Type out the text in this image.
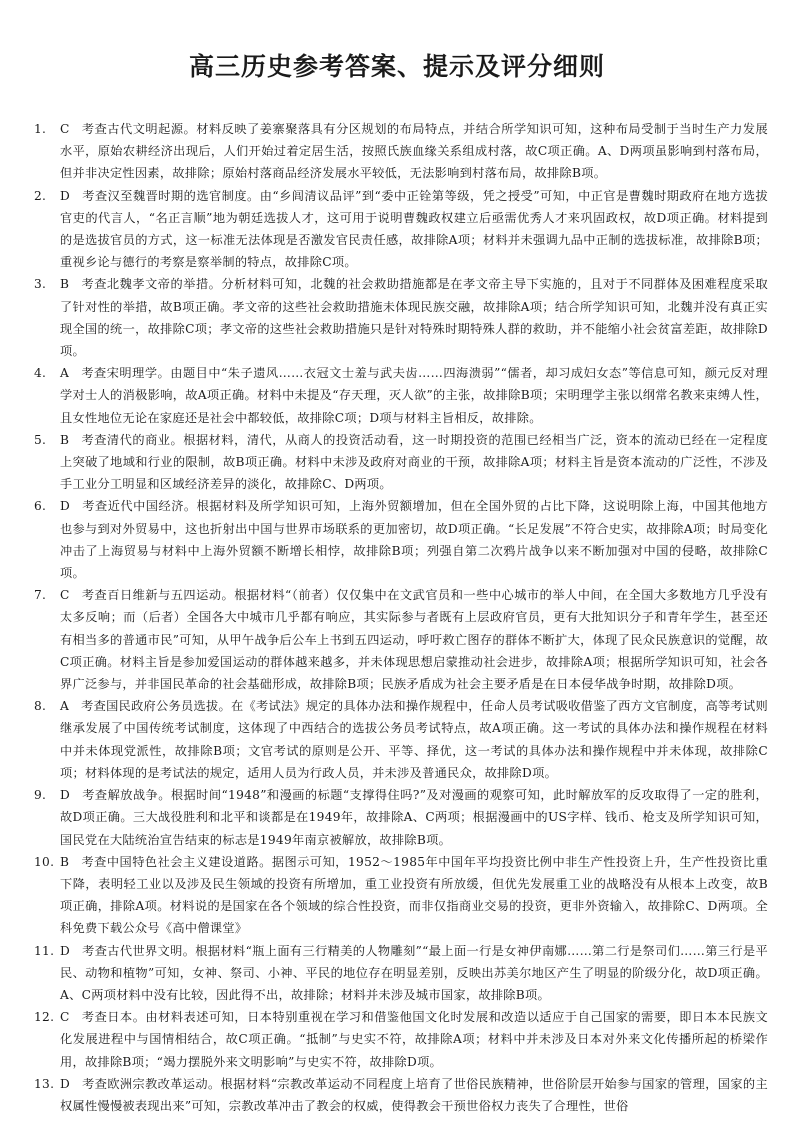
高三历史参考答案、提示及评分细则
1. C 考查古代文明起源。材料反映了姜寨聚落具有分区规划的布局特点，并结合所学知识可知，这种布局受制于当时生产力发展水平，原始农耕经济出现后，人们开始过着定居生活，按照氏族血缘关系组成村落，故C项正确。A、D两项虽影响到村落布局，但并非决定性因素，故排除；原始村落商品经济发展水平较低，无法影响到村落布局，故排除B项。
2. D 考查汉至魏晋时期的选官制度。由“乡闾清议品评”到“委中正铨第等级，凭之授受”可知，中正官是曹魏时期政府在地方选拔官吏的代言人，“名正言顺”地为朝廷选拔人才，这可用于说明曹魏政权建立后亟需优秀人才来巩固政权，故D项正确。材料提到的是选拔官员的方式，这一标准无法体现是否激发官民责任感，故排除A项；材料并未强调九品中正制的选拔标准，故排除B项；重视乡论与德行的考察是察举制的特点，故排除C项。
3. B 考查北魏孝文帝的举措。分析材料可知，北魏的社会救助措施都是在孝文帝主导下实施的，且对于不同群体及困难程度采取了针对性的举措，故B项正确。孝文帝的这些社会救助措施未体现民族交融，故排除A项；结合所学知识可知，北魏并没有真正实现全国的统一，故排除C项；孝文帝的这些社会救助措施只是针对特殊时期特殊人群的救助，并不能缩小社会贫富差距，故排除D项。
4. A 考查宋明理学。由题目中“朱子遗风……衣冠文士羞与武夫齿……四海溃弱”“儒者，却习成妇女态”等信息可知，颜元反对理学对士人的消极影响，故A项正确。材料中未提及“存天理，灭人欲”的主张，故排除B项；宋明理学主张以纲常名教来束缚人性，且女性地位无论在家庭还是社会中都较低，故排除C项；D项与材料主旨相反，故排除。
5. B 考查清代的商业。根据材料，清代，从商人的投资活动看，这一时期投资的范围已经相当广泛，资本的流动已经在一定程度上突破了地域和行业的限制，故B项正确。材料中未涉及政府对商业的干预，故排除A项；材料主旨是资本流动的广泛性，不涉及手工业分工明显和区域经济差异的淡化，故排除C、D两项。
6. D 考查近代中国经济。根据材料及所学知识可知，上海外贸额增加，但在全国外贸的占比下降，这说明除上海，中国其他地方也参与到对外贸易中，这也折射出中国与世界市场联系的更加密切，故D项正确。“长足发展”不符合史实，故排除A项；时局变化冲击了上海贸易与材料中上海外贸额不断增长相悖，故排除B项；列强自第二次鸦片战争以来不断加强对中国的侵略，故排除C项。
7. C 考查百日维新与五四运动。根据材料“（前者）仅仅集中在文武官员和一些中心城市的举人中间，在全国大多数地方几乎没有太多反响；而（后者）全国各大中城市几乎都有响应，其实际参与者既有上层政府官员，更有大批知识分子和青年学生，甚至还有相当多的普通市民”可知，从甲午战争后公车上书到五四运动，呼吁救亡图存的群体不断扩大，体现了民众民族意识的觉醒，故C项正确。材料主旨是参加爱国运动的群体越来越多，并未体现思想启蒙推动社会进步，故排除A项；根据所学知识可知，社会各界广泛参与，并非国民革命的社会基础形成，故排除B项；民族矛盾成为社会主要矛盾是在日本侵华战争时期，故排除D项。
8. A 考查国民政府公务员选拔。在《考试法》规定的具体办法和操作规程中，任命人员考试吸收借鉴了西方文官制度，高等考试则继承发展了中国传统考试制度，这体现了中西结合的选拔公务员考试特点，故A项正确。这一考试的具体办法和操作规程在材料中并未体现党派性，故排除B项；文官考试的原则是公开、平等、择优，这一考试的具体办法和操作规程中并未体现，故排除C项；材料体现的是考试法的规定，适用人员为行政人员，并未涉及普通民众，故排除D项。
9. D 考查解放战争。根据时间“1948”和漫画的标题“支撑得住吗?”及对漫画的观察可知，此时解放军的反攻取得了一定的胜利，故D项正确。三大战役胜利和北平和谈都是在1949年，故排除A、C两项；根据漫画中的US字样、钱币、枪支及所学知识可知，国民党在大陆统治宣告结束的标志是1949年南京被解放，故排除B项。
10. B 考查中国特色社会主义建设道路。据图示可知，1952～1985年中国年平均投资比例中非生产性投资上升，生产性投资比重下降，表明轻工业以及涉及民生领域的投资有所增加，重工业投资有所放缓，但优先发展重工业的战略没有从根本上改变，故B项正确，排除A项。材料说的是国家在各个领域的综合性投资，而非仅指商业交易的投资，更非外资输入，故排除C、D两项。全科免费下载公众号《高中僧课堂》
11. D 考查古代世界文明。根据材料“瓶上面有三行精美的人物雕刻”“最上面一行是女神伊南娜……第二行是祭司们……第三行是平民、动物和植物”可知，女神、祭司、小神、平民的地位存在明显差别，反映出苏美尔地区产生了明显的阶级分化，故D项正确。A、C两项材料中没有比较，因此得不出，故排除；材料并未涉及城市国家，故排除B项。
12. C 考查日本。由材料表述可知，日本特别重视在学习和借鉴他国文化时发展和改造以适应于自己国家的需要，即日本本民族文化发展进程中与国情相结合，故C项正确。“抵制”与史实不符，故排除A项；材料中并未涉及日本对外来文化传播所起的桥梁作用，故排除B项；“竭力摆脱外来文明影响”与史实不符，故排除D项。
13. D 考查欧洲宗教改革运动。根据材料“宗教改革运动不同程度上培育了世俗民族精神，世俗阶层开始参与国家的管理，国家的主权属性慢慢被表现出来”可知，宗教改革冲击了教会的权威，使得教会干预世俗权力丧失了合理性，世俗
